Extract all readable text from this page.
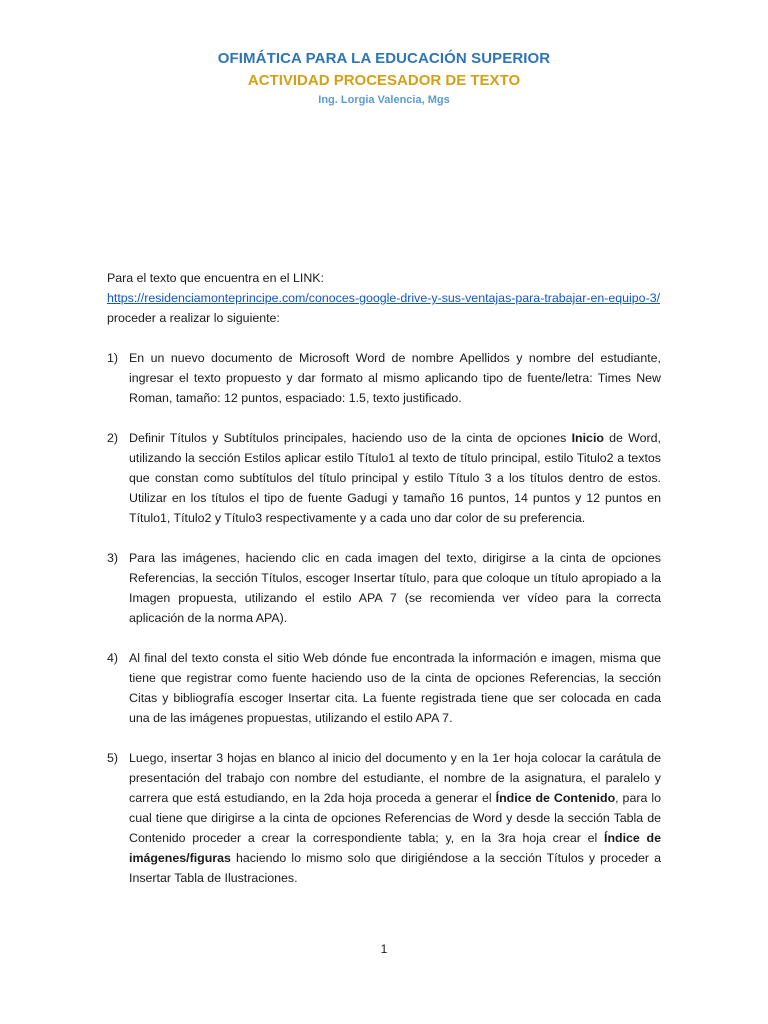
OFIMÁTICA PARA LA EDUCACIÓN SUPERIOR
ACTIVIDAD PROCESADOR DE TEXTO
Ing. Lorgia Valencia, Mgs

Para el texto que encuentra en el LINK:

https://residenciamonteprincipe.com/conoces-google-drive-y-sus-ventajas-para-trabajar-en-equipo-3/

proceder a realizar lo siguiente:

1) En un nuevo documento de Microsoft Word de nombre Apellidos y nombre del estudiante, ingresar el texto propuesto y dar formato al mismo aplicando tipo de fuente/letra: Times New Roman, tamaño: 12 puntos, espaciado: 1.5, texto justificado.
2) Definir Títulos y Subtítulos principales, haciendo uso de la cinta de opciones Inicio de Word, utilizando la sección Estilos aplicar estilo Título1 al texto de título principal, estilo Titulo2 a textos que constan como subtítulos del título principal y estilo Título 3 a los títulos dentro de estos. Utilizar en los títulos el tipo de fuente Gadugi y tamaño 16 puntos, 14 puntos y 12 puntos en Título1, Título2 y Título3 respectivamente y a cada uno dar color de su preferencia.
3) Para las imágenes, haciendo clic en cada imagen del texto, dirigirse a la cinta de opciones Referencias, la sección Títulos, escoger Insertar título, para que coloque un título apropiado a la Imagen propuesta, utilizando el estilo APA 7 (se recomienda ver vídeo para la correcta aplicación de la norma APA).
4) Al final del texto consta el sitio Web dónde fue encontrada la información e imagen, misma que tiene que registrar como fuente haciendo uso de la cinta de opciones Referencias, la sección Citas y bibliografía escoger Insertar cita. La fuente registrada tiene que ser colocada en cada una de las imágenes propuestas, utilizando el estilo APA 7.
5) Luego, insertar 3 hojas en blanco al inicio del documento y en la 1er hoja colocar la carátula de presentación del trabajo con nombre del estudiante, el nombre de la asignatura, el paralelo y carrera que está estudiando, en la 2da hoja proceda a generar el Índice de Contenido, para lo cual tiene que dirigirse a la cinta de opciones Referencias de Word y desde la sección Tabla de Contenido proceder a crear la correspondiente tabla; y, en la 3ra hoja crear el Índice de imágenes/figuras haciendo lo mismo solo que dirigiéndose a la sección Títulos y proceder a Insertar Tabla de Ilustraciones.
1
